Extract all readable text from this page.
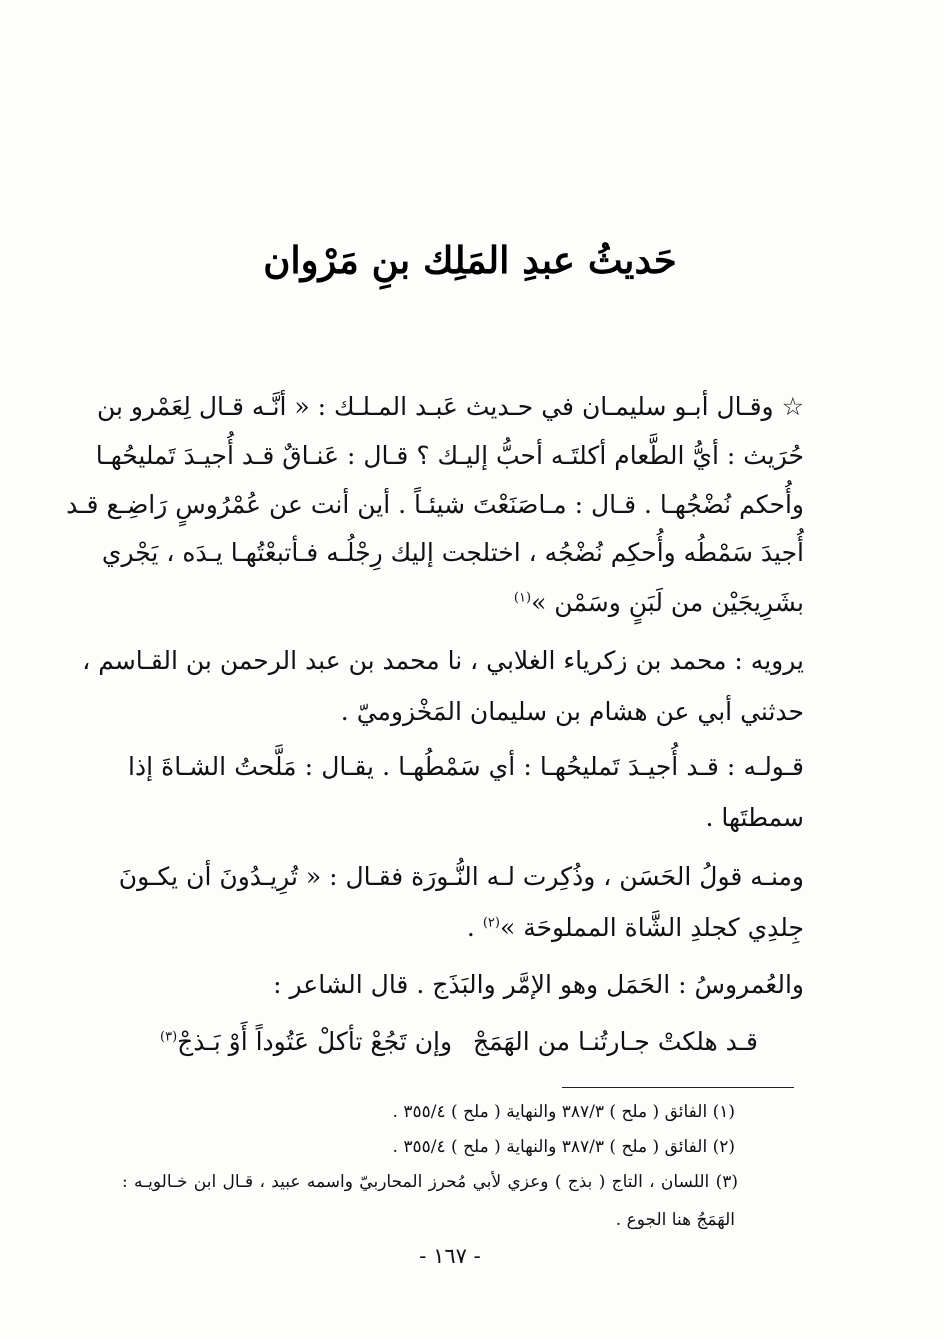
حَديثُ عبدِ المَلِك بنِ مَرْوان
☆ وقـال أبـو سليمـان في حـديث عَبـد المـلـك : « أنَّـه قـال لِعَمْرو بن
حُرَيث : أيُّ الطَّعام أكلتَـه أحبُّ إليـك ؟ قـال : عَنـاقٌ قـد أُجيـدَ تَمليحُهـا
وأُحكم نُضْجُهـا . قـال : مـاصَنَعْتَ شيئـاً . أين أنت عن عُمْرُوسٍ رَاضِـع قـد
أُجيدَ سَمْطُه وأُحكِم نُضْجُه ، اختلجت إليك رِجْلُـه فـأتبعْتُهـا يـدَه ، يَجْري
بشَرِيجَيْن من لَبَنٍ وسَمْن »$^{(١)}$
يرويه : محمد بن زكرياء الغلابي ، نا محمد بن عبد الرحمن بن القـاسم ،
حدثني أبي عن هشام بن سليمان المَخْزوميّ .
قـولـه : قـد أُجيـدَ تَمليحُهـا : أي سَمْطُهـا . يقـال : مَلَّحتُ الشـاةَ إذا
سمطتَها .
ومنـه قولُ الحَسَن ، وذُكِرت لـه النُّـورَة فقـال : « تُرِيـدُونَ أن يكـونَ
جِلدِي كجلدِ الشَّاة المملوحَة »$^{(٢)}$ .
والعُمروسُ : الحَمَل وهو الإمَّر والبَذَج . قال الشاعر :
قـد هلكتْ جـارتُنـا من الهَمَجْ
وإن تَجُعْ تأكلْ عَتُوداً أَوْ بَـذجْ$^{(٣)}$
(١) الفائق ( ملح ) ٣٨٧/٣ والنهاية ( ملح ) ٣٥٥/٤ .
(٢) الفائق ( ملح ) ٣٨٧/٣ والنهاية ( ملح ) ٣٥٥/٤ .
(٣) اللسان ، التاج ( بذج ) وعزي لأبي مُحرز المحاربيّ واسمه عبيد ، قـال ابن خـالويـه :
الهَمَجُ هنا الجوع .
- ١٦٧ -
